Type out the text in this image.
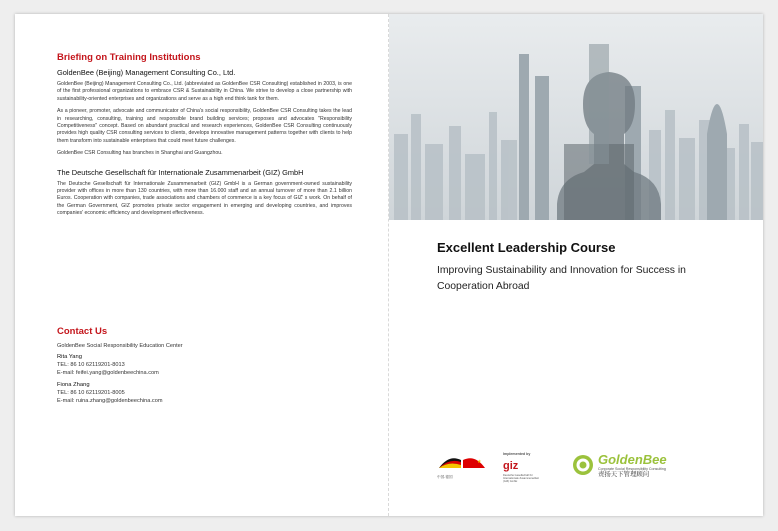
Excellent Leadership Course

Improving Sustainability and Innovation for Success in Cooperation Abroad

Briefing on Training Institutions
GoldenBee (Beijing) Management Consulting Co., Ltd.

GoldenBee (Beijing) Management Consulting Co., Ltd. (abbreviated as GoldenBee CSR Consulting) established in 2003, is one of the first professional organizations to embrace CSR & Sustainability in China. We strive to develop a close partnership with sustainability-oriented enterprises and organizations and serve as a high end think tank for them.

As a pioneer, promoter, advocate and communicator of China's social responsibility, GoldenBee CSR Consulting takes the lead in researching, consulting, training and responsible brand building services; proposes and advocates "Responsibility Competitiveness" concept. Based on abundant practical and research experiences, GoldenBee CSR Consulting continuously provides high quality CSR consulting services to clients, develops innovative management patterns together with clients to help them transform into sustainable enterprises that could meet future challenges.

GoldenBee CSR Consulting has branches in Shanghai and Guangzhou.

The Deutsche Gesellschaft für Internationale Zusammenarbeit (GIZ) GmbH

The Deutsche Gesellschaft für Internationale Zusammenarbeit (GIZ) GmbH is a German government-owned sustainability provider with offices in more than 130 countries, with more than 16.000 staff and an annual turnover of more than 2.1 billion Euros. Cooperation with companies, trade associations and chambers of commerce is a key focus of GIZ’ s work. On behalf of the German Government, GIZ promotes private sector engagement in emerging and developing countries, and improves companies' economic efficiency and development effectiveness.

Contact Us
GoldenBee Social Responsibility Education Center
Rita Yang
TEL: 86 10 62119201-8013
E-mail: feifei.yang@goldenbeechina.com
Fiona Zhang
TEL: 86 10 62119201-8005
E-mail: ruina.zhang@goldenbeechina.com
★
中国-德国
Implemented by
giz
Deutsche Gesellschaft für Internationale Zusammenarbeit (GIZ) GmbH
GoldenBee
Corporate Social Responsibility Consulting
责扬天下管理顾问
